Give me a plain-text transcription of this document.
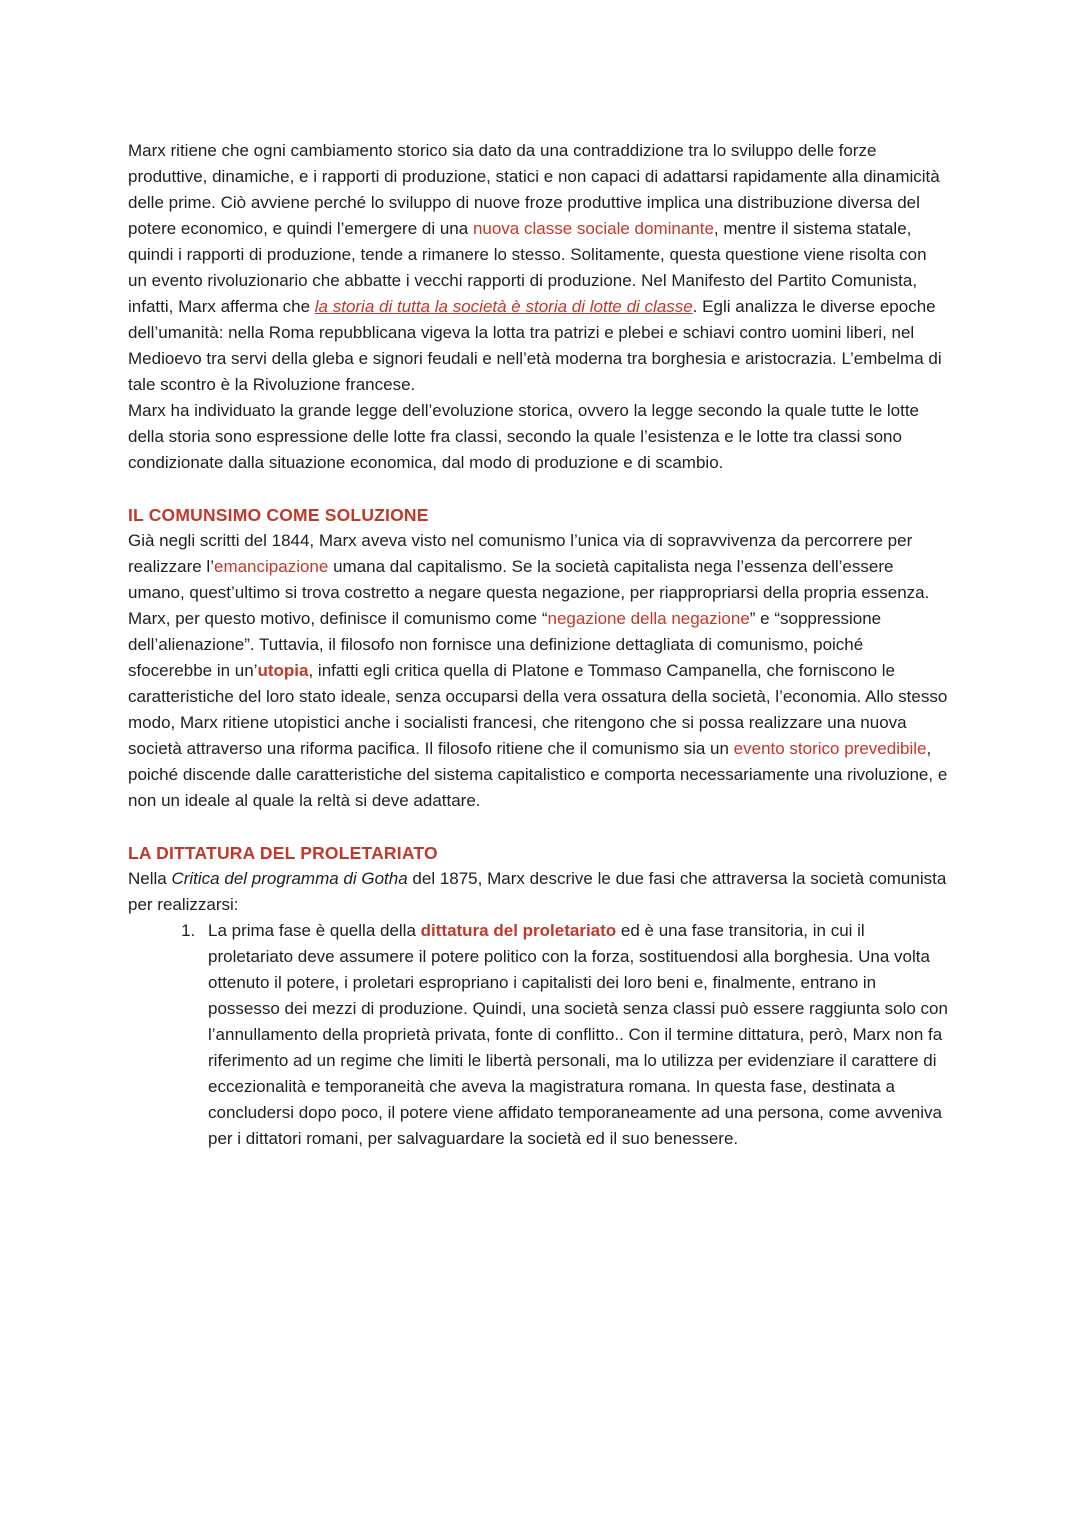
Marx ritiene che ogni cambiamento storico sia dato da una contraddizione tra lo sviluppo delle forze produttive, dinamiche, e i rapporti di produzione, statici e non capaci di adattarsi rapidamente alla dinamicità delle prime. Ciò avviene perché lo sviluppo di nuove froze produttive implica una distribuzione diversa del potere economico, e quindi l’emergere di una nuova classe sociale dominante, mentre il sistema statale, quindi i rapporti di produzione, tende a rimanere lo stesso. Solitamente, questa questione viene risolta con un evento rivoluzionario che abbatte i vecchi rapporti di produzione. Nel Manifesto del Partito Comunista, infatti, Marx afferma che la storia di tutta la società è storia di lotte di classe. Egli analizza le diverse epoche dell’umanità: nella Roma repubblicana vigeva la lotta tra patrizi e plebei e schiavi contro uomini liberi, nel Medioevo tra servi della gleba e signori feudali e nell’età moderna tra borghesia e aristocrazia. L’embelma di tale scontro è la Rivoluzione francese.

Marx ha individuato la grande legge dell’evoluzione storica, ovvero la legge secondo la quale tutte le lotte della storia sono espressione delle lotte fra classi, secondo la quale l’esistenza e le lotte tra classi sono condizionate dalla situazione economica, dal modo di produzione e di scambio.

IL COMUNSIMO COME SOLUZIONE

Già negli scritti del 1844, Marx aveva visto nel comunismo l’unica via di sopravvivenza da percorrere per realizzare l’emancipazione umana dal capitalismo. Se la società capitalista nega l’essenza dell’essere umano, quest’ultimo si trova costretto a negare questa negazione, per riappropriarsi della propria essenza. Marx, per questo motivo, definisce il comunismo come “negazione della negazione” e “soppressione dell’alienazione”. Tuttavia, il filosofo non fornisce una definizione dettagliata di comunismo, poiché sfocerebbe in un’utopia, infatti egli critica quella di Platone e Tommaso Campanella, che forniscono le caratteristiche del loro stato ideale, senza occuparsi della vera ossatura della società, l’economia. Allo stesso modo, Marx ritiene utopistici anche i socialisti francesi, che ritengono che si possa realizzare una nuova società attraverso una riforma pacifica. Il filosofo ritiene che il comunismo sia un evento storico prevedibile, poiché discende dalle caratteristiche del sistema capitalistico e comporta necessariamente una rivoluzione, e non un ideale al quale la reltà si deve adattare.

LA DITTATURA DEL PROLETARIATO

Nella Critica del programma di Gotha del 1875, Marx descrive le due fasi che attraversa la società comunista per realizzarsi:

1. La prima fase è quella della dittatura del proletariato ed è una fase transitoria, in cui il proletariato deve assumere il potere politico con la forza, sostituendosi alla borghesia. Una volta ottenuto il potere, i proletari espropriano i capitalisti dei loro beni e, finalmente, entrano in possesso dei mezzi di produzione. Quindi, una società senza classi può essere raggiunta solo con l’annullamento della proprietà privata, fonte di conflitto.. Con il termine dittatura, però, Marx non fa riferimento ad un regime che limiti le libertà personali, ma lo utilizza per evidenziare il carattere di eccezionalità e temporaneità che aveva la magistratura romana. In questa fase, destinata a concludersi dopo poco, il potere viene affidato temporaneamente ad una persona, come avveniva per i dittatori romani, per salvaguardare la società ed il suo benessere.
